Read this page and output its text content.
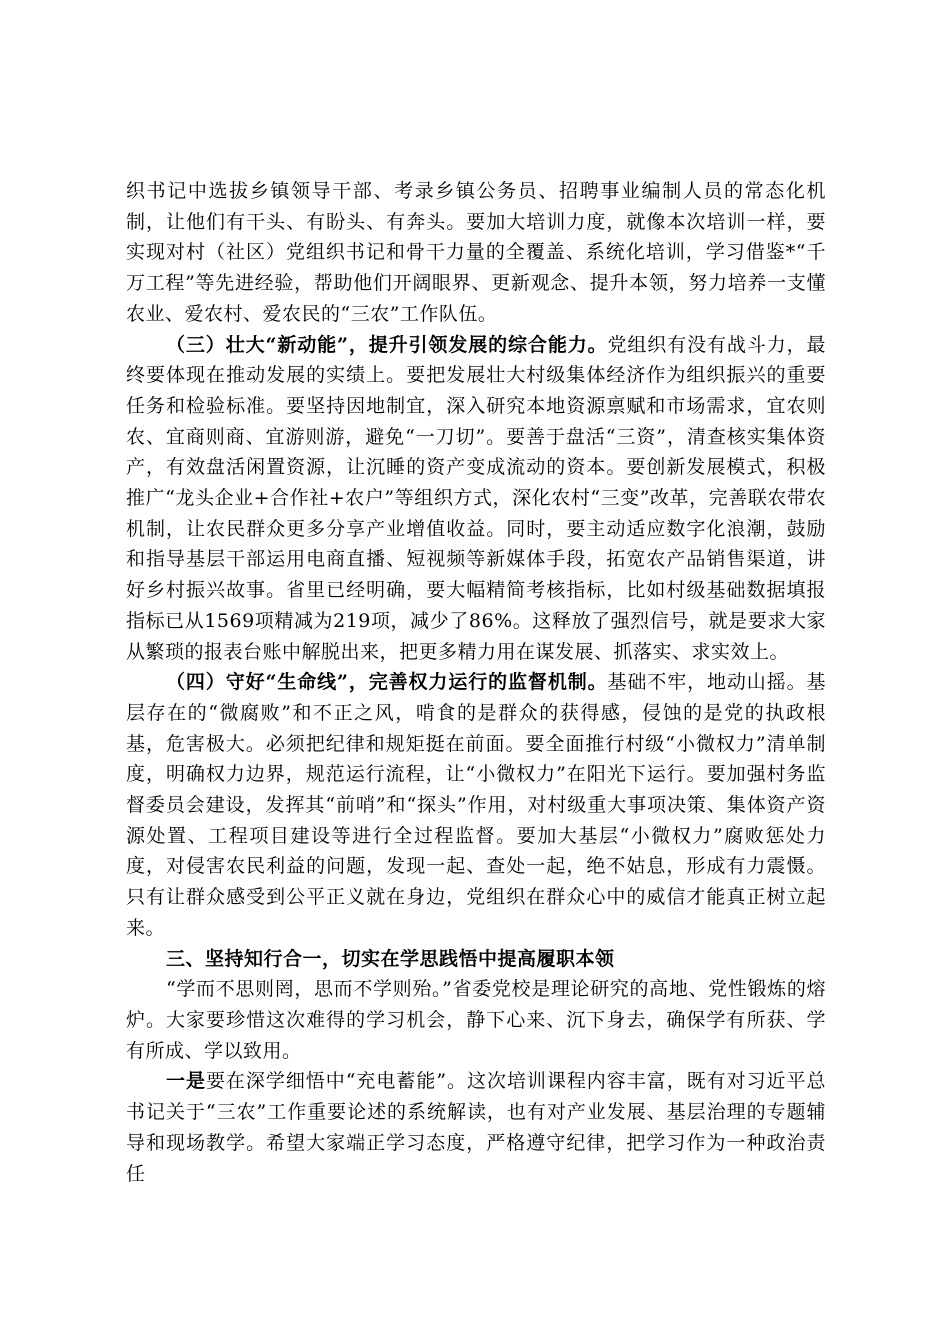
织书记中选拔乡镇领导干部、考录乡镇公务员、招聘事业编制人员的常态化机制，让他们有干头、有盼头、有奔头。要加大培训力度，就像本次培训一样，要实现对村（社区）党组织书记和骨干力量的全覆盖、系统化培训，学习借鉴*“千万工程”等先进经验，帮助他们开阔眼界、更新观念、提升本领，努力培养一支懂农业、爱农村、爱农民的“三农”工作队伍。

（三）壮大“新动能”，提升引领发展的综合能力。党组织有没有战斗力，最终要体现在推动发展的实绩上。要把发展壮大村级集体经济作为组织振兴的重要任务和检验标准。要坚持因地制宜，深入研究本地资源禀赋和市场需求，宜农则农、宜商则商、宜游则游，避免“一刀切”。要善于盘活“三资”，清查核实集体资产，有效盘活闲置资源，让沉睡的资产变成流动的资本。要创新发展模式，积极推广“龙头企业+合作社+农户”等组织方式，深化农村“三变”改革，完善联农带农机制，让农民群众更多分享产业增值收益。同时，要主动适应数字化浪潮，鼓励和指导基层干部运用电商直播、短视频等新媒体手段，拓宽农产品销售渠道，讲好乡村振兴故事。省里已经明确，要大幅精简考核指标，比如村级基础数据填报指标已从1569项精减为219项，减少了86%。这释放了强烈信号，就是要求大家从繁琐的报表台账中解脱出来，把更多精力用在谋发展、抓落实、求实效上。

（四）守好“生命线”，完善权力运行的监督机制。基础不牢，地动山摇。基层存在的“微腐败”和不正之风，啃食的是群众的获得感，侵蚀的是党的执政根基，危害极大。必须把纪律和规矩挺在前面。要全面推行村级“小微权力”清单制度，明确权力边界，规范运行流程，让“小微权力”在阳光下运行。要加强村务监督委员会建设，发挥其“前哨”和“探头”作用，对村级重大事项决策、集体资产资源处置、工程项目建设等进行全过程监督。要加大基层“小微权力”腐败惩处力度，对侵害农民利益的问题，发现一起、查处一起，绝不姑息，形成有力震慑。只有让群众感受到公平正义就在身边，党组织在群众心中的威信才能真正树立起来。

三、坚持知行合一，切实在学思践悟中提高履职本领

“学而不思则罔，思而不学则殆。”省委党校是理论研究的高地、党性锻炼的熔炉。大家要珍惜这次难得的学习机会，静下心来、沉下身去，确保学有所获、学有所成、学以致用。

一是要在深学细悟中“充电蓄能”。这次培训课程内容丰富，既有对习近平总书记关于“三农”工作重要论述的系统解读，也有对产业发展、基层治理的专题辅导和现场教学。希望大家端正学习态度，严格遵守纪律，把学习作为一种政治责任
